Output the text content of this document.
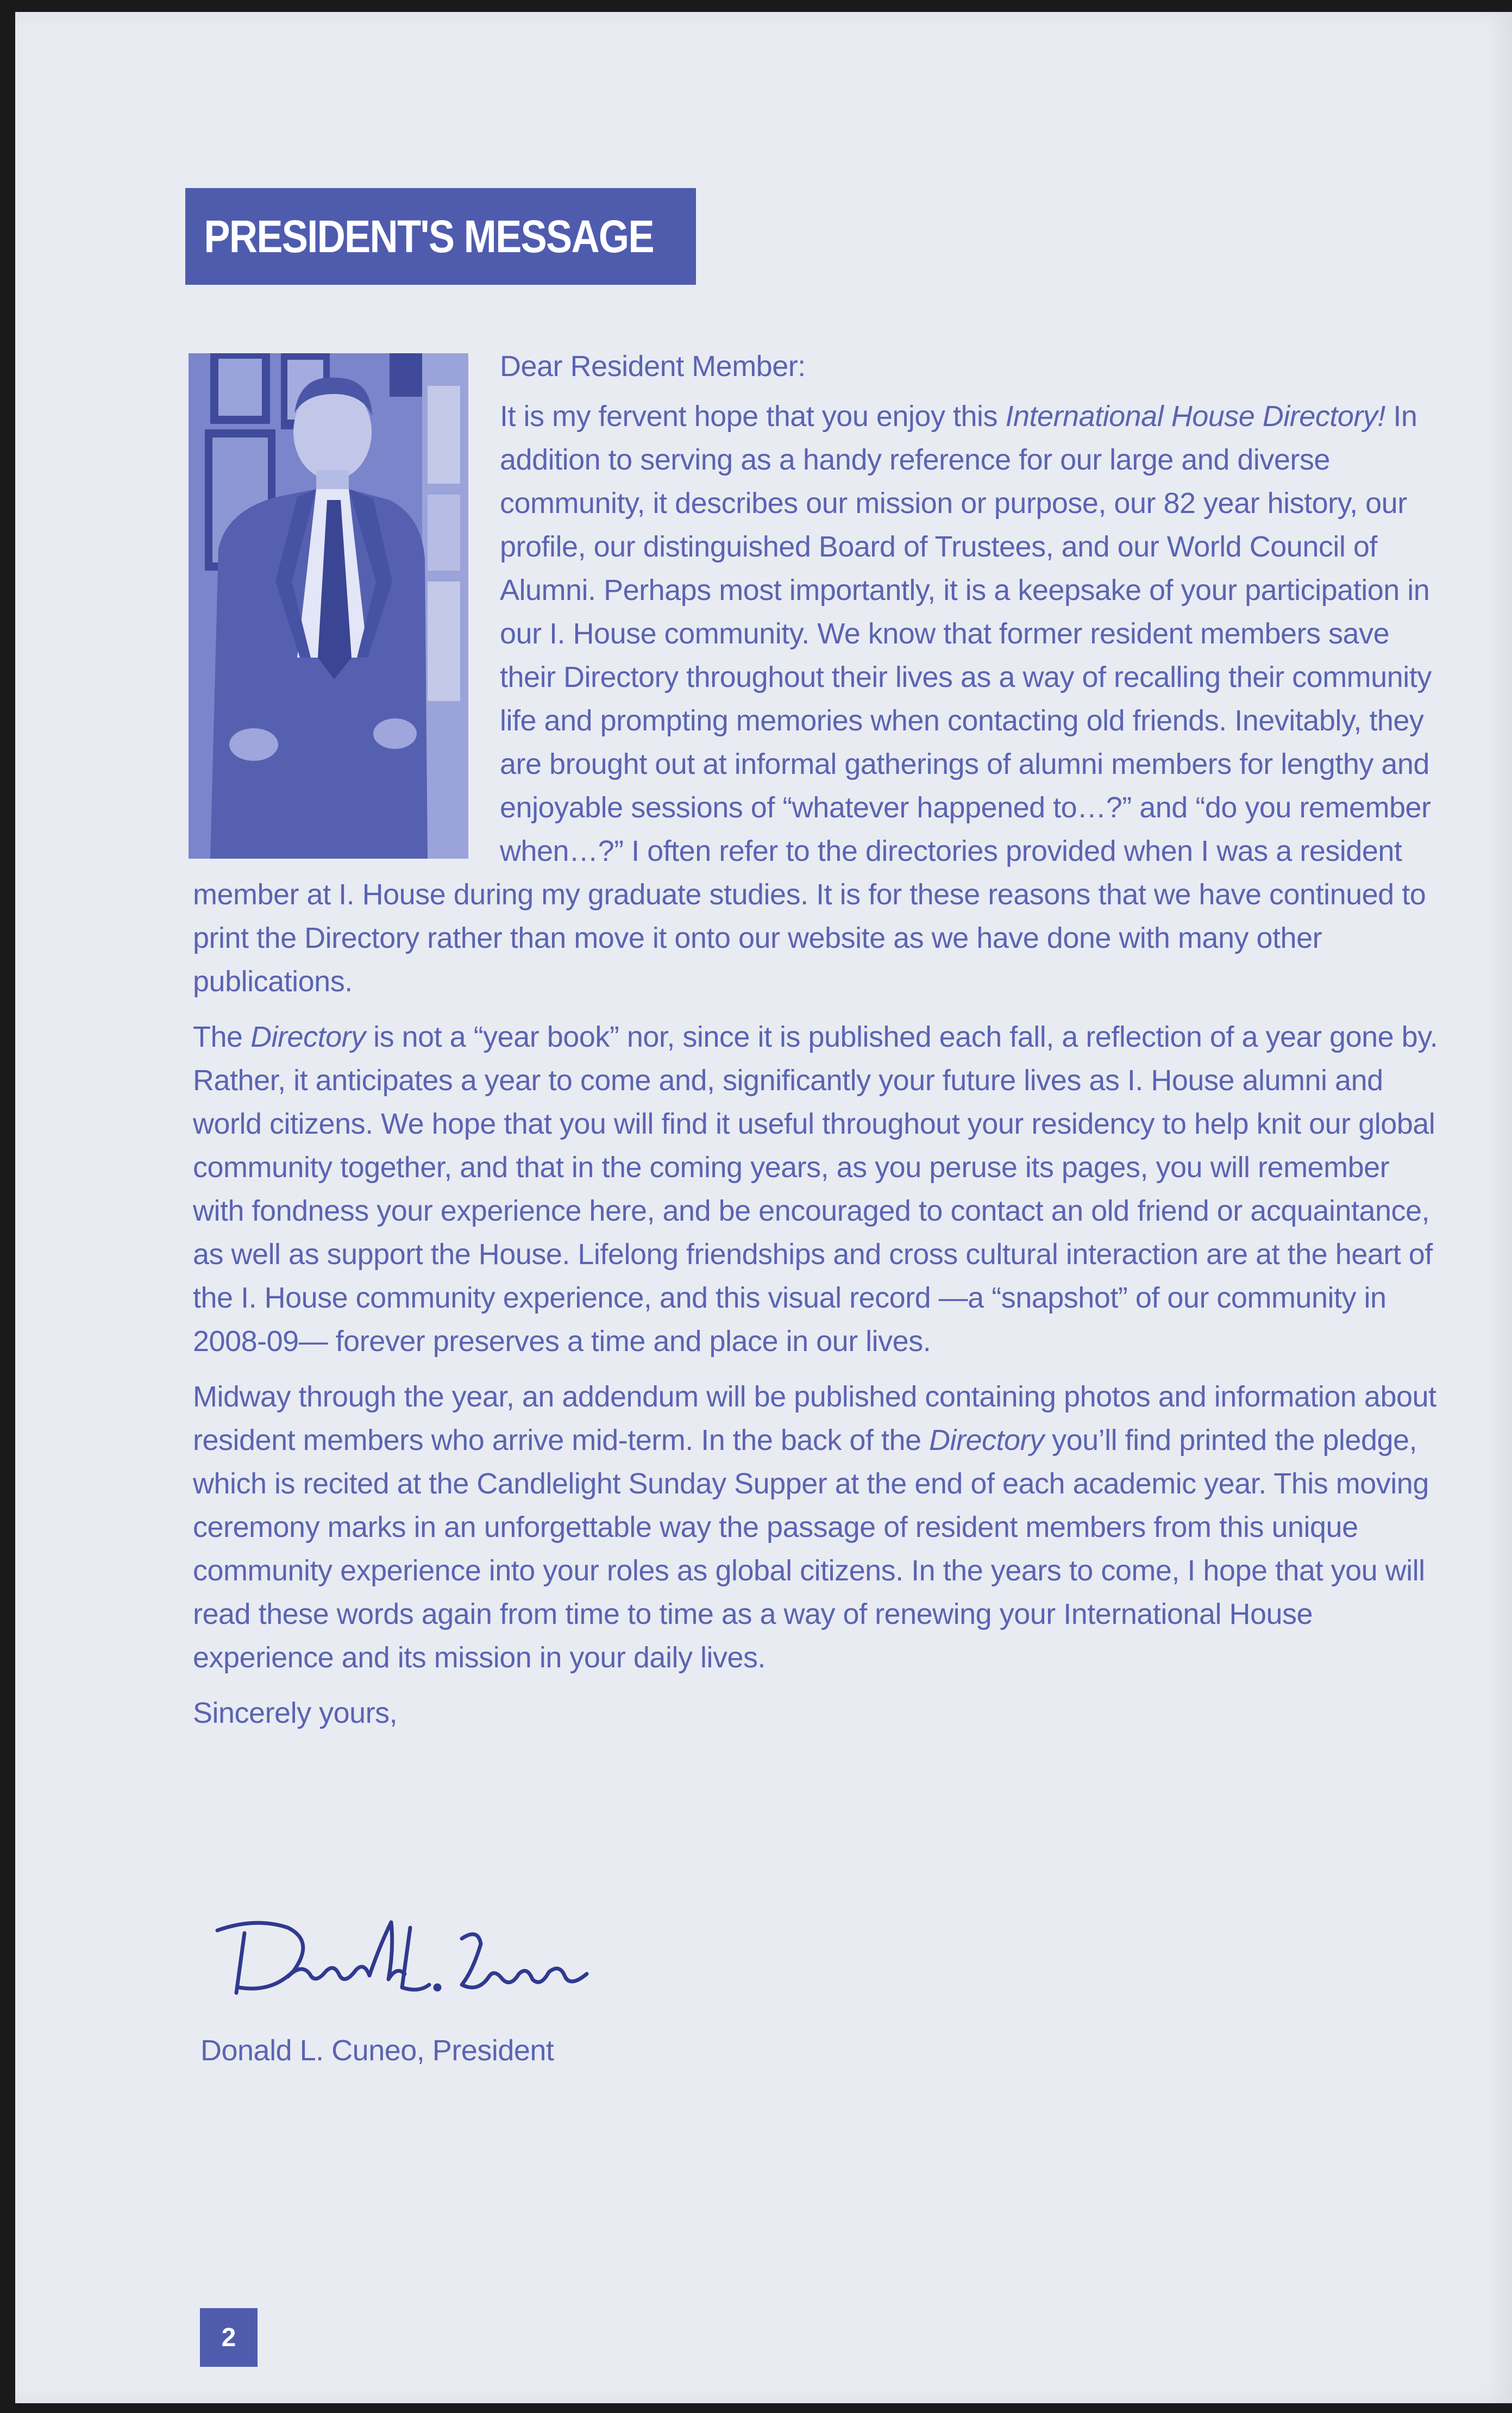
PRESIDENT'S MESSAGE

Dear Resident Member:

It is my fervent hope that you enjoy this International House Directory! In addition to serving as a handy reference for our large and diverse community, it describes our mission or purpose, our 82 year history, our profile, our distinguished Board of Trustees, and our World Council of Alumni. Perhaps most importantly, it is a keepsake of your participation in our I. House community. We know that former resident members save their Directory throughout their lives as a way of recalling their community life and prompting memories when contacting old friends. Inevitably, they are brought out at informal gatherings of alumni members for lengthy and enjoyable sessions of “whatever happened to…?” and “do you remember when…?” I often refer to the directories provided when I was a resident member at I. House during my graduate studies. It is for these reasons that we have continued to print the Directory rather than move it onto our website as we have done with many other publications.

The Directory is not a “year book” nor, since it is published each fall, a reflection of a year gone by. Rather, it anticipates a year to come and, significantly your future lives as I. House alumni and world citizens. We hope that you will find it useful throughout your residency to help knit our global community together, and that in the coming years, as you peruse its pages, you will remember with fondness your experience here, and be encouraged to contact an old friend or acquaintance, as well as support the House. Lifelong friendships and cross cultural interaction are at the heart of the I. House community experience, and this visual record —a “snapshot” of our community in 2008-09— forever preserves a time and place in our lives.

Midway through the year, an addendum will be published containing photos and information about resident members who arrive mid-term. In the back of the Directory you’ll find printed the pledge, which is recited at the Candlelight Sunday Supper at the end of each academic year. This moving ceremony marks in an unforgettable way the passage of resident members from this unique community experience into your roles as global citizens. In the years to come, I hope that you will read these words again from time to time as a way of renewing your International House experience and its mission in your daily lives.

Sincerely yours,

Donald L. Cuneo, President
2
